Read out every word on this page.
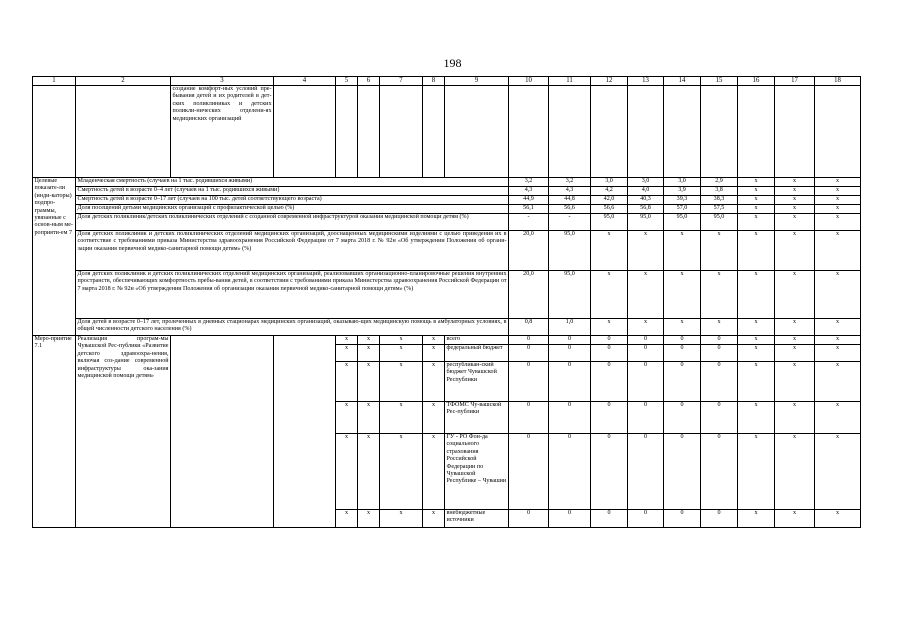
198
1	2	3	4	5	6	7	8	9	10	11	12	13	14	15	16	17	18
		создание комфорт-ных условий пре-бывания детей и их родителей в дет-ских поликлиниках и детских поликли-нических отделени-ях медицинских организаций															
Целевые показате-ли (инди-каторы) подпро-граммы, увязанные с основ-ным ме-роприяти-ем 7	Младенческая смертность (случаев на 1 тыс. родившихся живыми)								3,2	3,2	3,0	3,0	3,0	2,9	x	x	x
	Смертность детей в возрасте 0–4 лет (случаев на 1 тыс. родившихся живыми)								4,3	4,3	4,2	4,0	3,9	3,8	x	x	x
	Смертность детей в возрасте 0–17 лет (случаев на 100 тыс. детей соответствующего возраста)								44,9	44,8	42,0	40,3	39,3	38,3	x	x	x
	Доля посещений детьми медицинских организаций с профилактической целью (%)								56,1	56,6	56,6	56,8	57,0	57,5	x	x	x
	Доля детских поликлиник/детских поликлинических отделений с созданной современной инфраструктурой оказания медицинской помощи детям (%)								-	-	95,0	95,0	95,0	95,0	x	x	x
	Доля детских поликлиник и детских поликлинических отделений медицинских организаций, дооснащенных медицинскими изделиями с целью приведения их в соответствие с требованиями приказа Министерства здравоохранения Российской Федерации от 7 марта 2018 г. № 92н «Об утверждении Положения об органи-зации оказания первичной медико-санитарной помощи детям» (%)								20,0	95,0	x	x	x	x	x	x	x
	Доля детских поликлиник и детских поликлинических отделений медицинских организаций, реализовавших организационно-планировочные решения внутренних пространств, обеспечивающих комфортность пребы-вания детей, в соответствии с требованиями приказа Министерства здравоохранения Российской Федерации от 7 марта 2018 г. № 92н «Об утверждении Положения об организации оказания первичной медико-санитарной помощи детям» (%)								20,0	95,0	x	x	x	x	x	x	x
	Доля детей в возрасте 0–17 лет, пролеченных в дневных стационарах медицинских организаций, оказываю-щих медицинскую помощь в амбулаторных условиях, в общей численности детского населения (%)								0,8	1,0	x	x	x	x	x	x	x
Меро-приятие 7.1	Реализация програм-мы Чувашской Рес-публики «Развитие детского здравоохра-нения, включая соз-дание современной инфраструктуры ока-зания медицинской помощи детям»			x	x	x	x	всего	0	0	0	0	0	0	x	x	x
				x	x	x	x	федеральный бюджет	0	0	0	0	0	0	x	x	x
				x	x	x	x	республикан-ский бюджет Чувашской Республики	0	0	0	0	0	0	x	x	x
				x	x	x	x	ТФОМС Чу-вашской Рес-публики	0	0	0	0	0	0	x	x	x
				x	x	x	x	ГУ - РО Фон-да социального страхования Российской Федерации по Чувашской Республике – Чувашии	0	0	0	0	0	0	x	x	x
				x	x	x	x	внебюджетные источники	0	0	0	0	0	0	x	x	x
